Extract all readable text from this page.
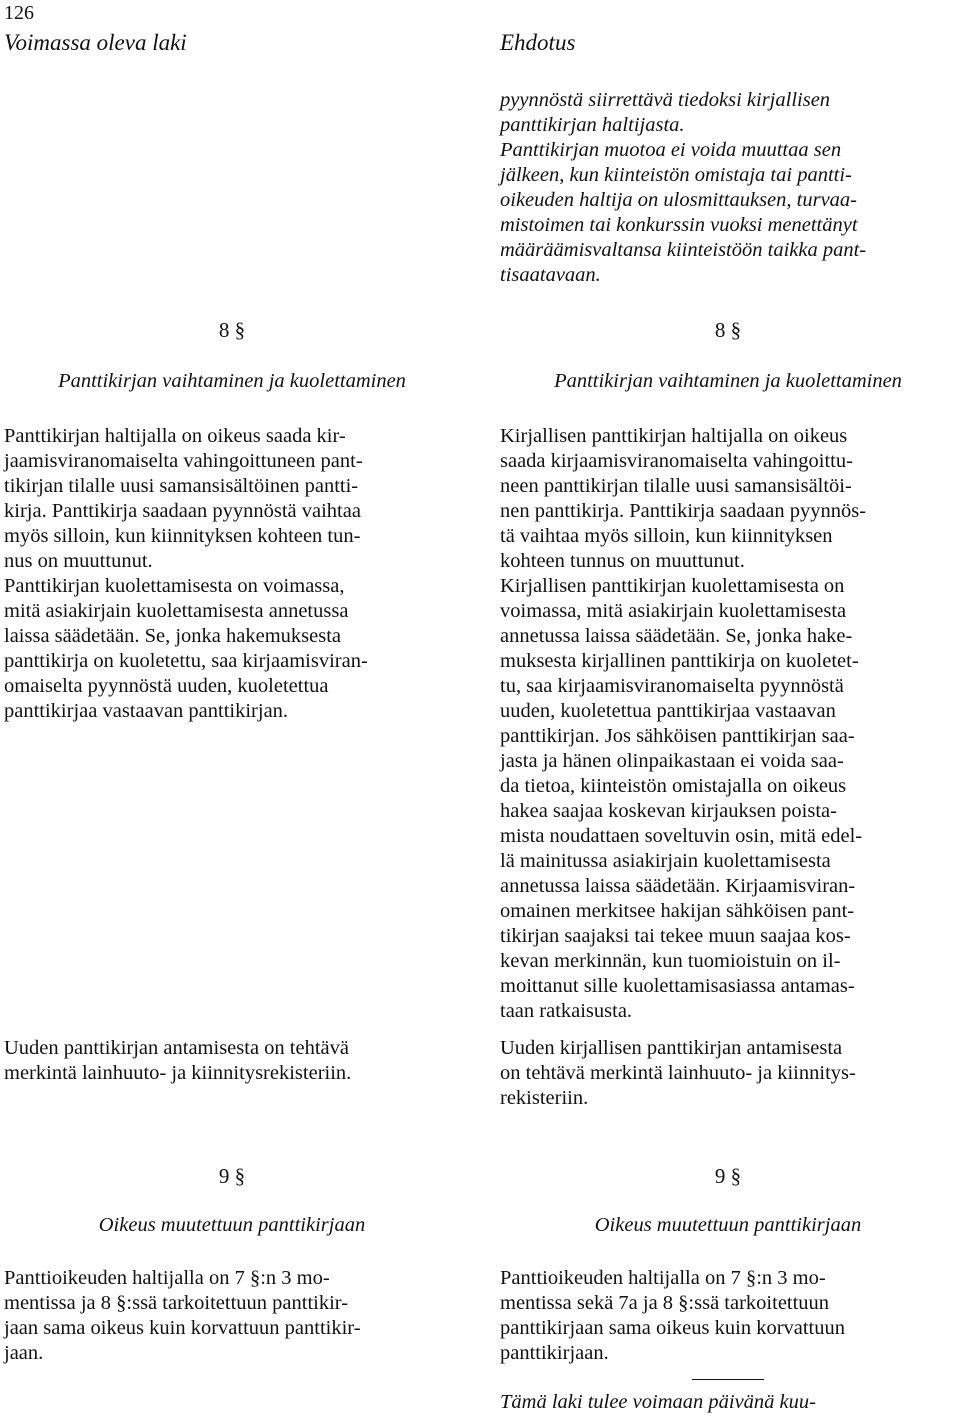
126
Voimassa oleva laki	Ehdotus

pyynnöstä siirrettävä tiedoksi kirjallisen

panttikirjan haltijasta.

Panttikirjan muotoa ei voida muuttaa sen

jälkeen, kun kiinteistön omistaja tai pantti-

oikeuden haltija on ulosmittauksen, turvaa-

mistoimen tai konkurssin vuoksi menettänyt

määräämisvaltansa kiinteistöön taikka pant-

tisaatavaan.

8 §	8 §
Panttikirjan vaihtaminen ja kuolettaminen	Panttikirjan vaihtaminen ja kuolettaminen

Panttikirjan haltijalla on oikeus saada kir-

jaamisviranomaiselta vahingoittuneen pant-

tikirjan tilalle uusi samansisältöinen pantti-

kirja. Panttikirja saadaan pyynnöstä vaihtaa

myös silloin, kun kiinnityksen kohteen tun-

nus on muuttunut.

Panttikirjan kuolettamisesta on voimassa,

mitä asiakirjain kuolettamisesta annetussa

laissa säädetään. Se, jonka hakemuksesta

panttikirja on kuoletettu, saa kirjaamisviran-

omaiselta pyynnöstä uuden, kuoletettua

panttikirjaa vastaavan panttikirjan.

Uuden panttikirjan antamisesta on tehtävä

merkintä lainhuuto- ja kiinnitysrekisteriin.

Kirjallisen panttikirjan haltijalla on oikeus

saada kirjaamisviranomaiselta vahingoittu-

neen panttikirjan tilalle uusi samansisältöi-

nen panttikirja. Panttikirja saadaan pyynnös-

tä vaihtaa myös silloin, kun kiinnityksen

kohteen tunnus on muuttunut.

Kirjallisen panttikirjan kuolettamisesta on

voimassa, mitä asiakirjain kuolettamisesta

annetussa laissa säädetään. Se, jonka hake-

muksesta kirjallinen panttikirja on kuoletet-

tu, saa kirjaamisviranomaiselta pyynnöstä

uuden, kuoletettua panttikirjaa vastaavan

panttikirjan. Jos sähköisen panttikirjan saa-

jasta ja hänen olinpaikastaan ei voida saa-

da tietoa, kiinteistön omistajalla on oikeus

hakea saajaa koskevan kirjauksen poista-

mista noudattaen soveltuvin osin, mitä edel-

lä mainitussa asiakirjain kuolettamisesta

annetussa laissa säädetään. Kirjaamisviran-

omainen merkitsee hakijan sähköisen pant-

tikirjan saajaksi tai tekee muun saajaa kos-

kevan merkinnän, kun tuomioistuin on il-

moittanut sille kuolettamisasiassa antamas-

taan ratkaisusta.

Uuden kirjallisen panttikirjan antamisesta

on tehtävä merkintä lainhuuto- ja kiinnitys-

rekisteriin.

9 §	9 §
Oikeus muutettuun panttikirjaan	Oikeus muutettuun panttikirjaan

Panttioikeuden haltijalla on 7 §:n 3 mo-

mentissa ja 8 §:ssä tarkoitettuun panttikir-

jaan sama oikeus kuin korvattuun panttikir-

jaan.

Panttioikeuden haltijalla on 7 §:n 3 mo-

mentissa sekä 7a ja 8 §:ssä tarkoitettuun

panttikirjaan sama oikeus kuin korvattuun

panttikirjaan.

Tämä laki tulee voimaan päivänä kuu-
